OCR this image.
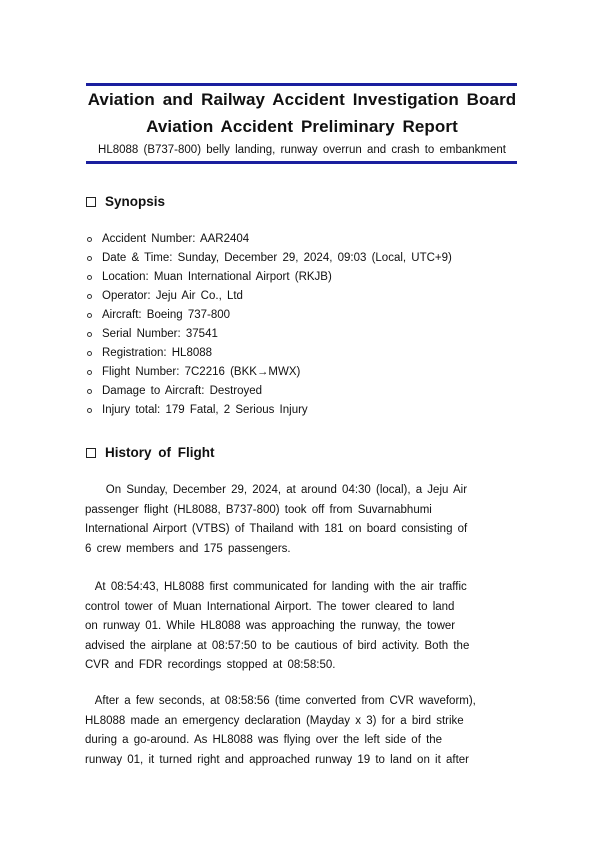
Aviation and Railway Accident Investigation Board
Aviation Accident Preliminary Report
HL8088 (B737-800) belly landing, runway overrun and crash to embankment
Synopsis
Accident Number: AAR2404
Date & Time: Sunday, December 29, 2024, 09:03 (Local, UTC+9)
Location: Muan International Airport (RKJB)
Operator: Jeju Air Co., Ltd
Aircraft: Boeing 737-800
Serial Number: 37541
Registration: HL8088
Flight Number: 7C2216 (BKK→MWX)
Damage to Aircraft: Destroyed
Injury total: 179 Fatal, 2 Serious Injury
History of Flight
On Sunday, December 29, 2024, at around 04:30 (local), a Jeju Air
passenger flight (HL8088, B737-800) took off from Suvarnabhumi
International Airport (VTBS) of Thailand with 181 on board consisting of
6 crew members and 175 passengers.
At 08:54:43, HL8088 first communicated for landing with the air traffic
control tower of Muan International Airport. The tower cleared to land
on runway 01. While HL8088 was approaching the runway, the tower
advised the airplane at 08:57:50 to be cautious of bird activity. Both the
CVR and FDR recordings stopped at 08:58:50.
After a few seconds, at 08:58:56 (time converted from CVR waveform),
HL8088 made an emergency declaration (Mayday x 3) for a bird strike
during a go-around. As HL8088 was flying over the left side of the
runway 01, it turned right and approached runway 19 to land on it after
